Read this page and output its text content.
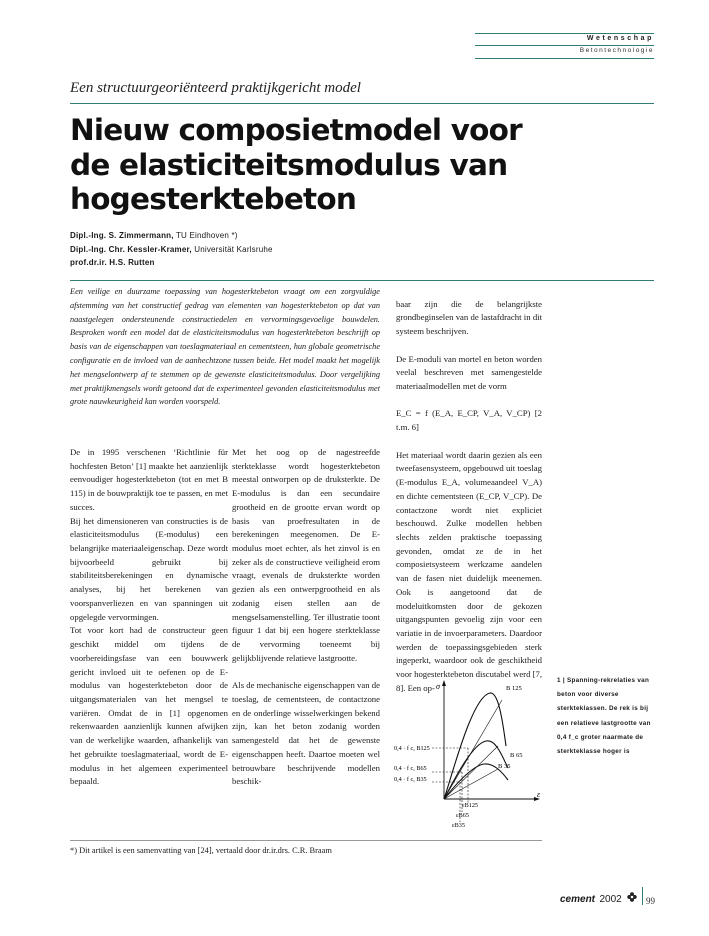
Wetenschap
Betontechnologie
Een structuurgeoriënteerd praktijkgericht model
Nieuw composietmodel voor
de elasticiteitsmodulus van
hogesterktebeton
Dipl.-Ing. S. Zimmermann, TU Eindhoven *)
Dipl.-Ing. Chr. Kessler-Kramer, Universität Karlsruhe
prof.dr.ir. H.S. Rutten
Een veilige en duurzame toepassing van hogesterktebeton vraagt om een zorgvuldige afstemming van het constructief gedrag van elementen van hogesterktebeton op dat van naastgelegen ondersteunende constructiedelen en vervormingsgevoelige bouwdelen. Besproken wordt een model dat de elasticiteitsmodulus van hogesterktebeton beschrijft op basis van de eigenschappen van toeslagmateriaal en cementsteen, hun globale geometrische configuratie en de invloed van de aanhechtzone tussen beide. Het model maakt het mogelijk het mengselontwerp af te stemmen op de gewenste elasticiteitsmodulus. Door vergelijking met praktijkmengsels wordt getoond dat de experimenteel gevonden elasticiteitsmodulus met grote nauwkeurigheid kan worden voorspeld.
De in 1995 verschenen ‘Richtlinie für hochfesten Beton’ [1] maakte het aanzienlijk eenvoudiger hogesterktebeton (tot en met B 115) in de bouwpraktijk toe te passen, en met succes.
Bij het dimensioneren van constructies is de elasticiteitsmodulus (E-modulus) een belangrijke materiaaleigenschap. Deze wordt bijvoorbeeld gebruikt bij stabiliteitsberekeningen en dynamische analyses, bij het berekenen van voorspanverliezen en van spanningen uit opgelegde vervormingen.
Tot voor kort had de constructeur geen geschikt middel om tijdens de voorbereidingsfase van een bouwwerk gericht invloed uit te oefenen op de E-modulus van hogesterktebeton door de uitgangsmaterialen van het mengsel te variëren. Omdat de in [1] opgenomen rekenwaarden aanzienlijk kunnen afwijken van de werkelijke waarden, afhankelijk van het gebruikte toeslagmateriaal, wordt de E-modulus in het algemeen experimenteel bepaald.
Met het oog op de nagestreefde sterkteklasse wordt hogesterktebeton meestal ontworpen op de druksterkte. De E-modulus is dan een secundaire grootheid en de grootte ervan wordt op basis van proefresultaten in de berekeningen meegenomen. De E-modulus moet echter, als het zinvol is en zeker als de constructieve veiligheid erom vraagt, evenals de druksterkte worden gezien als een ontwerpgrootheid en als zodanig eisen stellen aan de mengselsamenstelling. Ter illustratie toont figuur 1 dat bij een hogere sterkteklasse de vervorming toeneemt bij gelijkblijvende relatieve lastgrootte.

Als de mechanische eigenschappen van de toeslag, de cementsteen, de contactzone en de onderlinge wisselwerkingen bekend zijn, kan het beton zodanig worden samengesteld dat het de gewenste eigenschappen heeft. Daartoe moeten wel betrouwbare beschrijvende modellen beschik-

baar zijn die de belangrijkste grondbeginselen van de lastafdracht in dit systeem beschrijven.

De E-moduli van mortel en beton worden veelal beschreven met samengestelde materiaalmodellen met de vorm

E_C = f (E_A, E_CP, V_A, V_CP) [2 t.m. 6]

Het materiaal wordt daarin gezien als een tweefasensysteem, opgebouwd uit toeslag (E-modulus E_A, volumeaandeel V_A) en dichte cementsteen (E_CP, V_CP). De contactzone wordt niet expliciet beschouwd. Zulke modellen hebben slechts zelden praktische toepassing gevonden, omdat ze de in het composietsysteem werkzame aandelen van de fasen niet duidelijk meenemen. Ook is aangetoond dat de modeluitkomsten door de gekozen uitgangspunten gevoelig zijn voor een variatie in de invoerparameters. Daardoor werden de toepassingsgebieden sterk ingeperkt, waardoor ook de geschiktheid voor hogesterktebeton discutabel werd [7, 8]. Een op- σ
ε
B 125
B 65
B 35
0,4 · f c, B125
0,4 · f c, B65
0,4 · f c, B35
εB125
εB65
εB35
1 | Spanning-rekrelaties van beton voor diverse sterkteklassen. De rek is bij een relatieve lastgrootte van 0,4 f_c groter naarmate de sterkteklasse hoger is
*) Dit artikel is een samenvatting van [24], vertaald door dr.ir.drs. C.R. Braam
cement 2002	99
